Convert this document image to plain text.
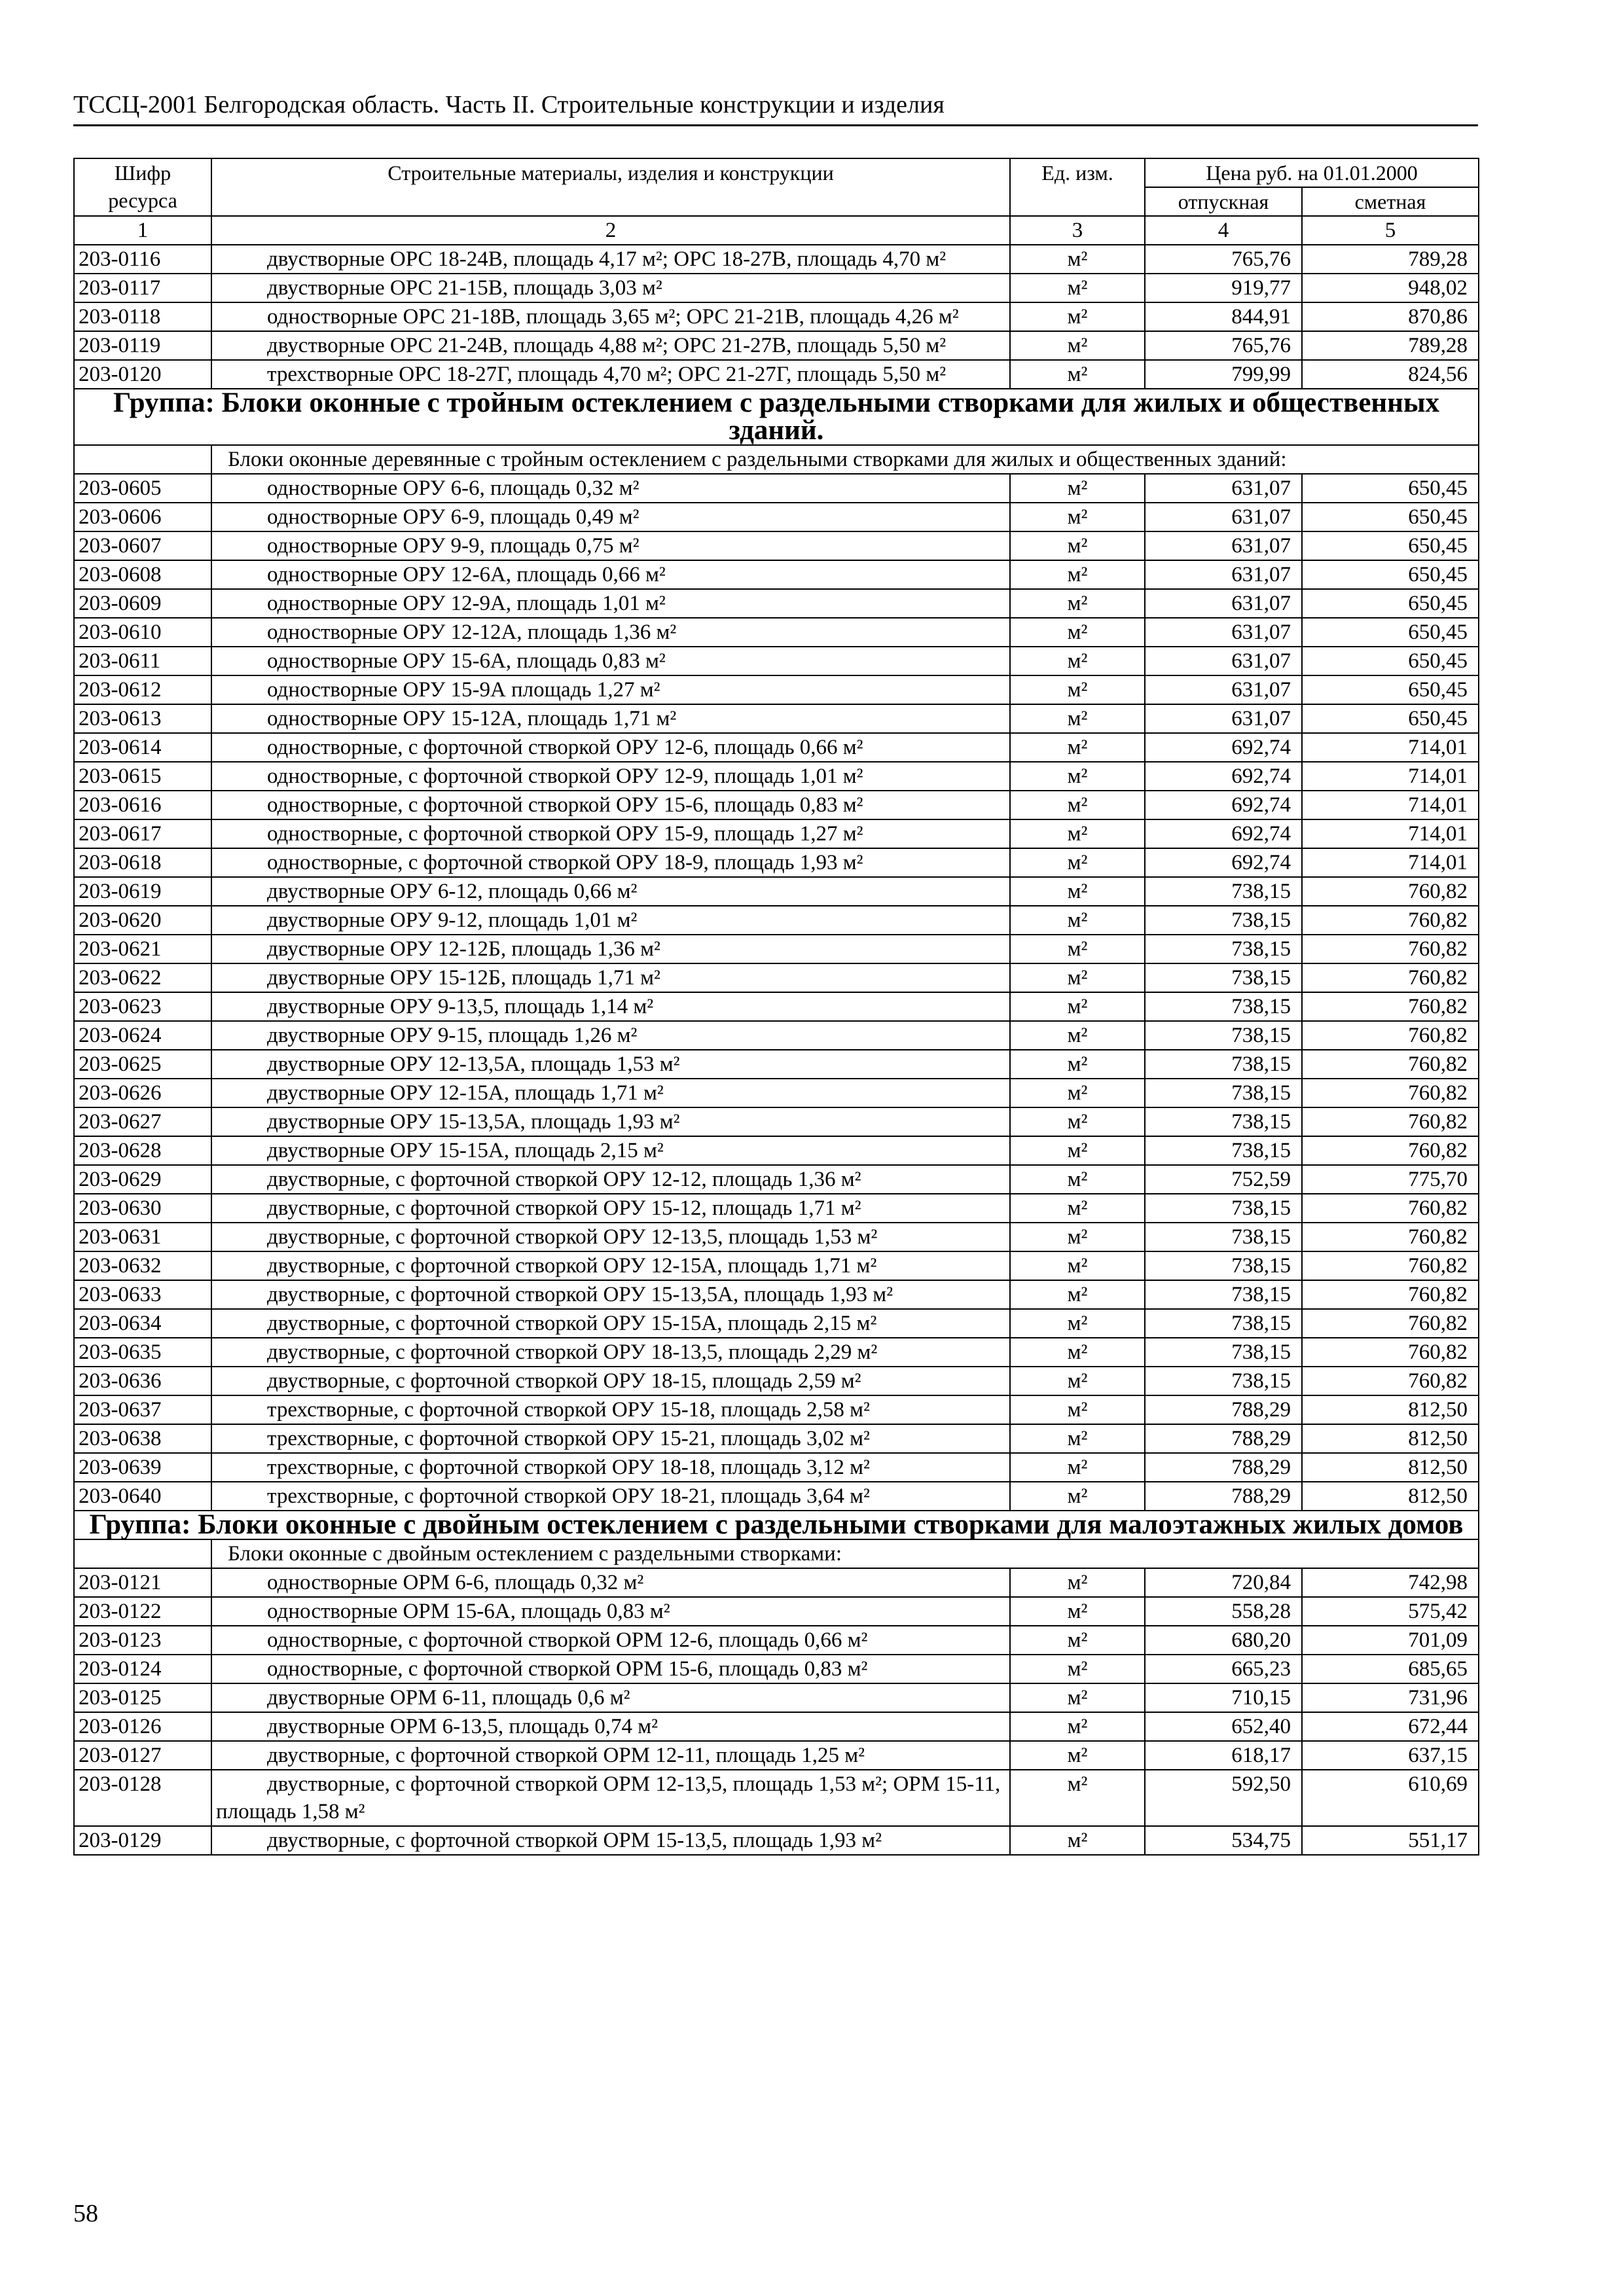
ТССЦ-2001 Белгородская область. Часть II. Строительные конструкции и изделия
Шифр ресурса	Строительные материалы, изделия и конструкции	Ед. изм.	Цена руб. на 01.01.2000	
			отпускная	сметная
1	2	3	4	5
203-0116	двустворные ОРС 18-24В, площадь 4,17 м²; ОРС 18-27В, площадь 4,70 м²	м²	765,76	789,28
203-0117	двустворные ОРС 21-15В, площадь 3,03 м²	м²	919,77	948,02
203-0118	одностворные ОРС 21-18В, площадь 3,65 м²; ОРС 21-21В, площадь 4,26 м²	м²	844,91	870,86
203-0119	двустворные ОРС 21-24В, площадь 4,88 м²; ОРС 21-27В, площадь 5,50 м²	м²	765,76	789,28
203-0120	трехстворные ОРС 18-27Г, площадь 4,70 м²; ОРС 21-27Г, площадь 5,50 м²	м²	799,99	824,56
Группа: Блоки оконные с тройным остеклением с раздельными створками для жилых и общественных зданий.				
	Блоки оконные деревянные с тройным остеклением с раздельными створками для жилых и общественных зданий:			
203-0605	одностворные ОРУ 6-6, площадь 0,32 м²	м²	631,07	650,45
203-0606	одностворные ОРУ 6-9, площадь 0,49 м²	м²	631,07	650,45
203-0607	одностворные ОРУ 9-9, площадь 0,75 м²	м²	631,07	650,45
203-0608	одностворные ОРУ 12-6А, площадь 0,66 м²	м²	631,07	650,45
203-0609	одностворные ОРУ 12-9А, площадь 1,01 м²	м²	631,07	650,45
203-0610	одностворные ОРУ 12-12А, площадь 1,36 м²	м²	631,07	650,45
203-0611	одностворные ОРУ 15-6А, площадь 0,83 м²	м²	631,07	650,45
203-0612	одностворные ОРУ 15-9А площадь 1,27 м²	м²	631,07	650,45
203-0613	одностворные ОРУ 15-12А, площадь 1,71 м²	м²	631,07	650,45
203-0614	одностворные, с форточной створкой ОРУ 12-6, площадь 0,66 м²	м²	692,74	714,01
203-0615	одностворные, с форточной створкой ОРУ 12-9, площадь 1,01 м²	м²	692,74	714,01
203-0616	одностворные, с форточной створкой ОРУ 15-6, площадь 0,83 м²	м²	692,74	714,01
203-0617	одностворные, с форточной створкой ОРУ 15-9, площадь 1,27 м²	м²	692,74	714,01
203-0618	одностворные, с форточной створкой ОРУ 18-9, площадь 1,93 м²	м²	692,74	714,01
203-0619	двустворные ОРУ 6-12, площадь 0,66 м²	м²	738,15	760,82
203-0620	двустворные ОРУ 9-12, площадь 1,01 м²	м²	738,15	760,82
203-0621	двустворные ОРУ 12-12Б, площадь 1,36 м²	м²	738,15	760,82
203-0622	двустворные ОРУ 15-12Б, площадь 1,71 м²	м²	738,15	760,82
203-0623	двустворные ОРУ 9-13,5, площадь 1,14 м²	м²	738,15	760,82
203-0624	двустворные ОРУ 9-15, площадь 1,26 м²	м²	738,15	760,82
203-0625	двустворные ОРУ 12-13,5А, площадь 1,53 м²	м²	738,15	760,82
203-0626	двустворные ОРУ 12-15А, площадь 1,71 м²	м²	738,15	760,82
203-0627	двустворные ОРУ 15-13,5А, площадь 1,93 м²	м²	738,15	760,82
203-0628	двустворные ОРУ 15-15А, площадь 2,15 м²	м²	738,15	760,82
203-0629	двустворные, с форточной створкой ОРУ 12-12, площадь 1,36 м²	м²	752,59	775,70
203-0630	двустворные, с форточной створкой ОРУ 15-12, площадь 1,71 м²	м²	738,15	760,82
203-0631	двустворные, с форточной створкой ОРУ 12-13,5, площадь 1,53 м²	м²	738,15	760,82
203-0632	двустворные, с форточной створкой ОРУ 12-15А, площадь 1,71 м²	м²	738,15	760,82
203-0633	двустворные, с форточной створкой ОРУ 15-13,5А, площадь 1,93 м²	м²	738,15	760,82
203-0634	двустворные, с форточной створкой ОРУ 15-15А, площадь 2,15 м²	м²	738,15	760,82
203-0635	двустворные, с форточной створкой ОРУ 18-13,5, площадь 2,29 м²	м²	738,15	760,82
203-0636	двустворные, с форточной створкой ОРУ 18-15, площадь 2,59 м²	м²	738,15	760,82
203-0637	трехстворные, с форточной створкой ОРУ 15-18, площадь 2,58 м²	м²	788,29	812,50
203-0638	трехстворные, с форточной створкой ОРУ 15-21, площадь 3,02 м²	м²	788,29	812,50
203-0639	трехстворные, с форточной створкой ОРУ 18-18, площадь 3,12 м²	м²	788,29	812,50
203-0640	трехстворные, с форточной створкой ОРУ 18-21, площадь 3,64 м²	м²	788,29	812,50
Группа: Блоки оконные с двойным остеклением с раздельными створками для малоэтажных жилых домов				
	Блоки оконные с двойным остеклением с раздельными створками:			
203-0121	одностворные ОРМ 6-6, площадь 0,32 м²	м²	720,84	742,98
203-0122	одностворные ОРМ 15-6А, площадь 0,83 м²	м²	558,28	575,42
203-0123	одностворные, с форточной створкой ОРМ 12-6, площадь 0,66 м²	м²	680,20	701,09
203-0124	одностворные, с форточной створкой ОРМ 15-6, площадь 0,83 м²	м²	665,23	685,65
203-0125	двустворные ОРМ 6-11, площадь 0,6 м²	м²	710,15	731,96
203-0126	двустворные ОРМ 6-13,5, площадь 0,74 м²	м²	652,40	672,44
203-0127	двустворные, с форточной створкой ОРМ 12-11, площадь 1,25 м²	м²	618,17	637,15
203-0128	двустворные, с форточной створкой ОРМ 12-13,5, площадь 1,53 м²; ОРМ 15-11, площадь 1,58 м²	м²	592,50	610,69
203-0129	двустворные, с форточной створкой ОРМ 15-13,5, площадь 1,93 м²	м²	534,75	551,17
58
